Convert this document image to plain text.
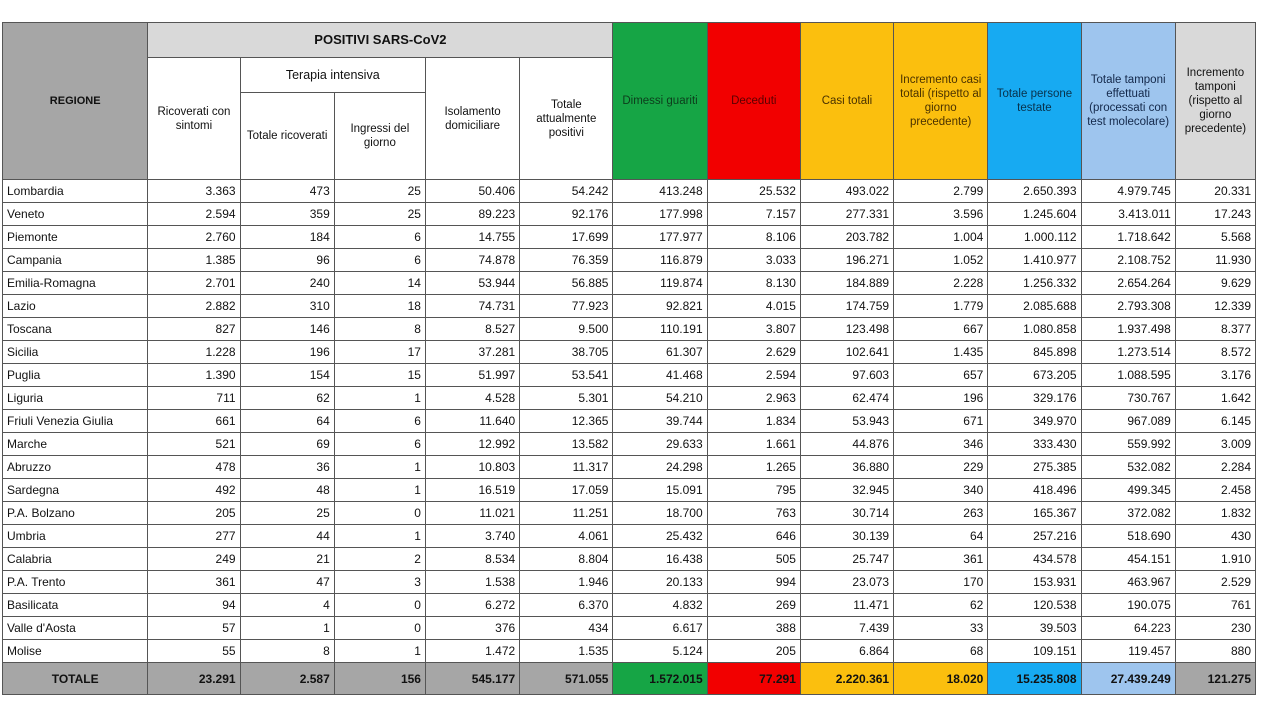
REGIONE	POSITIVI SARS-CoV2					Dimessi guariti	Deceduti	Casi totali	Incremento casi totali (rispetto al giorno precedente)	Totale persone testate	Totale tamponi effettuati (processati con test molecolare)	Incremento tamponi (rispetto al giorno precedente)
	Ricoverati con sintomi	Terapia intensiva		Isolamento domiciliare	Totale attualmente positivi							
		Totale ricoverati	Ingressi del giorno									
Lombardia	3.363	473	25	50.406	54.242	413.248	25.532	493.022	2.799	2.650.393	4.979.745	20.331
Veneto	2.594	359	25	89.223	92.176	177.998	7.157	277.331	3.596	1.245.604	3.413.011	17.243
Piemonte	2.760	184	6	14.755	17.699	177.977	8.106	203.782	1.004	1.000.112	1.718.642	5.568
Campania	1.385	96	6	74.878	76.359	116.879	3.033	196.271	1.052	1.410.977	2.108.752	11.930
Emilia-Romagna	2.701	240	14	53.944	56.885	119.874	8.130	184.889	2.228	1.256.332	2.654.264	9.629
Lazio	2.882	310	18	74.731	77.923	92.821	4.015	174.759	1.779	2.085.688	2.793.308	12.339
Toscana	827	146	8	8.527	9.500	110.191	3.807	123.498	667	1.080.858	1.937.498	8.377
Sicilia	1.228	196	17	37.281	38.705	61.307	2.629	102.641	1.435	845.898	1.273.514	8.572
Puglia	1.390	154	15	51.997	53.541	41.468	2.594	97.603	657	673.205	1.088.595	3.176
Liguria	711	62	1	4.528	5.301	54.210	2.963	62.474	196	329.176	730.767	1.642
Friuli Venezia Giulia	661	64	6	11.640	12.365	39.744	1.834	53.943	671	349.970	967.089	6.145
Marche	521	69	6	12.992	13.582	29.633	1.661	44.876	346	333.430	559.992	3.009
Abruzzo	478	36	1	10.803	11.317	24.298	1.265	36.880	229	275.385	532.082	2.284
Sardegna	492	48	1	16.519	17.059	15.091	795	32.945	340	418.496	499.345	2.458
P.A. Bolzano	205	25	0	11.021	11.251	18.700	763	30.714	263	165.367	372.082	1.832
Umbria	277	44	1	3.740	4.061	25.432	646	30.139	64	257.216	518.690	430
Calabria	249	21	2	8.534	8.804	16.438	505	25.747	361	434.578	454.151	1.910
P.A. Trento	361	47	3	1.538	1.946	20.133	994	23.073	170	153.931	463.967	2.529
Basilicata	94	4	0	6.272	6.370	4.832	269	11.471	62	120.538	190.075	761
Valle d'Aosta	57	1	0	376	434	6.617	388	7.439	33	39.503	64.223	230
Molise	55	8	1	1.472	1.535	5.124	205	6.864	68	109.151	119.457	880
TOTALE	23.291	2.587	156	545.177	571.055	1.572.015	77.291	2.220.361	18.020	15.235.808	27.439.249	121.275
